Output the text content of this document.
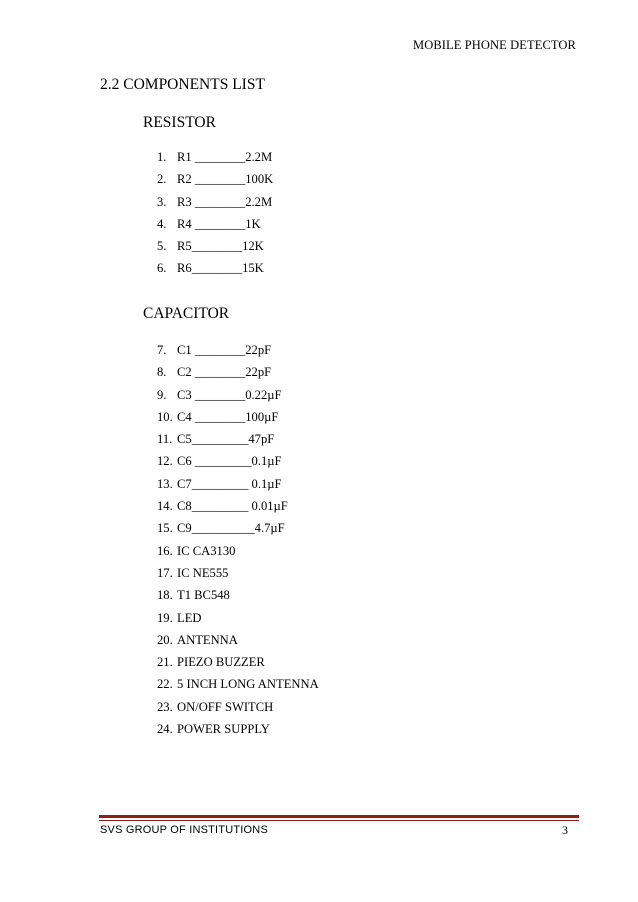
MOBILE PHONE DETECTOR
2.2 COMPONENTS LIST
RESISTOR
1. R1 ________2.2M
2. R2 ________100K
3. R3 ________2.2M
4. R4 ________1K
5. R5________12K
6. R6________15K
CAPACITOR
7. C1 ________22pF
8. C2 ________22pF
9. C3 ________0.22µF
10. C4 ________100µF
11. C5_________47pF
12. C6 _________0.1µF
13. C7_________ 0.1µF
14. C8_________ 0.01µF
15. C9__________4.7µF
16. IC CA3130
17. IC NE555
18. T1 BC548
19. LED
20. ANTENNA
21. PIEZO BUZZER
22. 5 INCH LONG ANTENNA
23. ON/OFF SWITCH
24. POWER SUPPLY
SVS GROUP OF INSTITUTIONS	3
